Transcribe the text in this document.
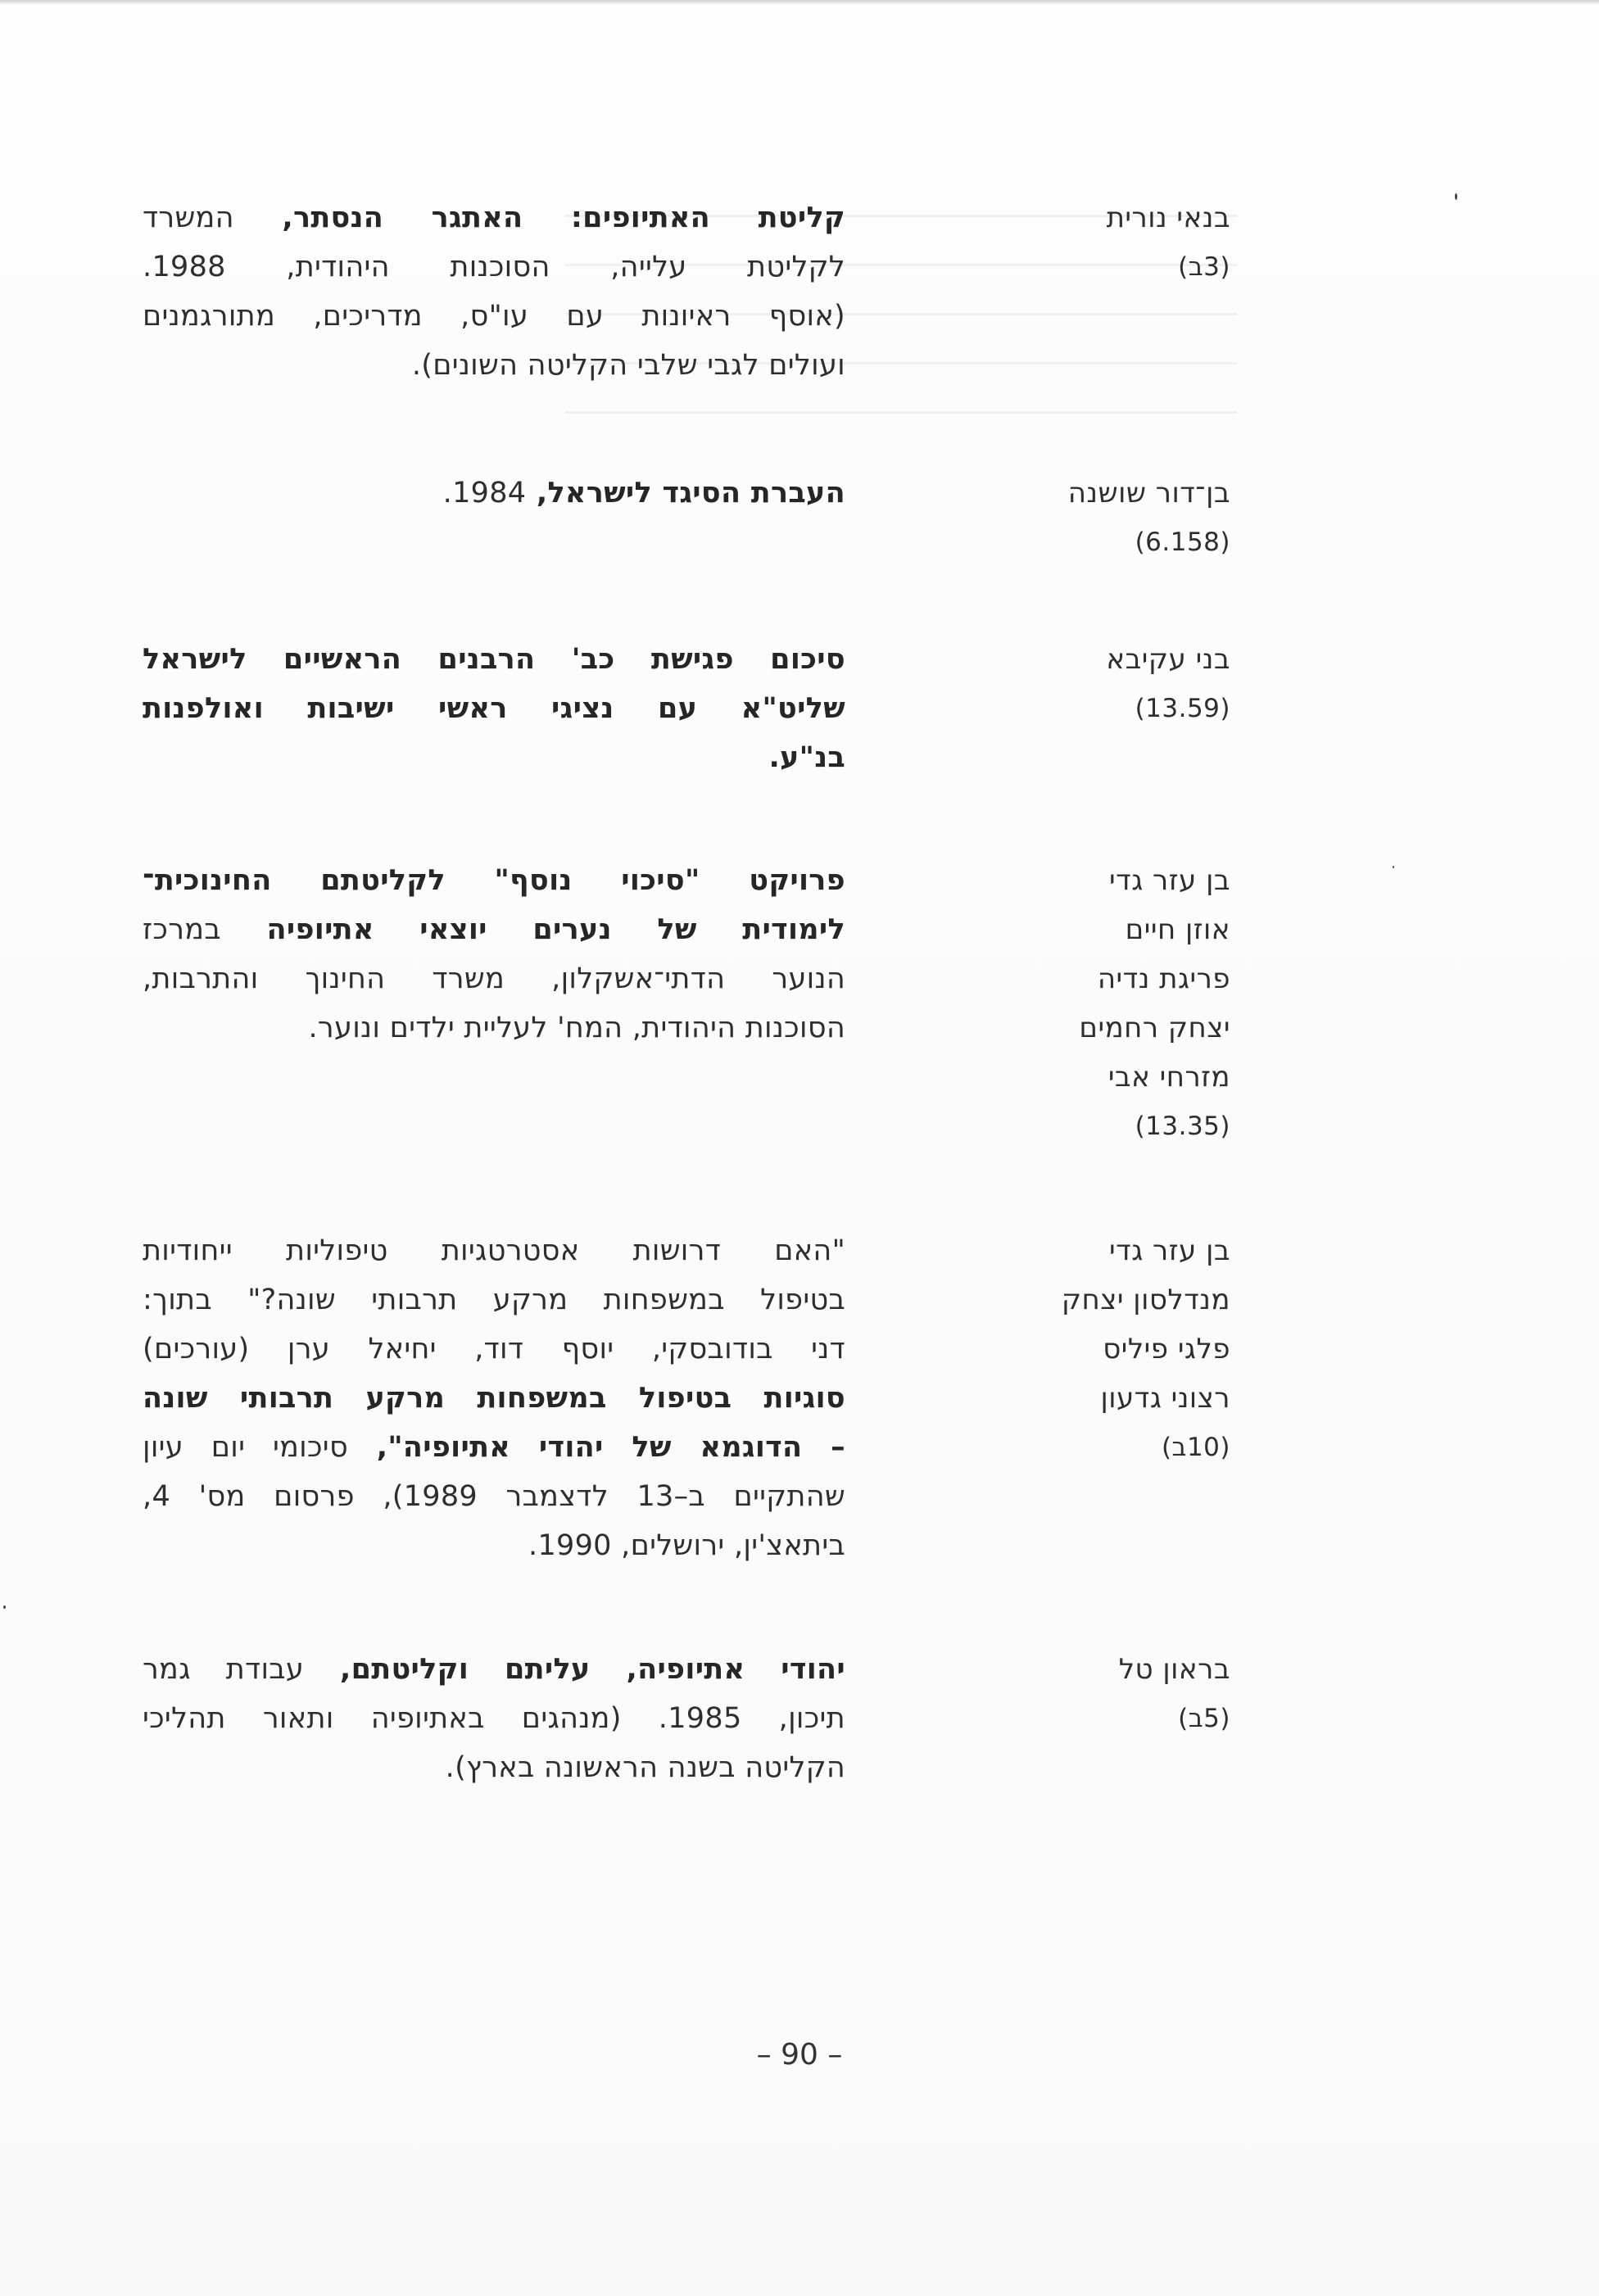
בנאי נורית
(ב3)
קליטת האתיופים: האתגר הנסתר, המשרד
לקליטת עלייה, הסוכנות היהודית, 1988.
(אוסף ראיונות עם עו"ס, מדריכים, מתורגמנים
ועולים לגבי שלבי הקליטה השונים).
בן־דור שושנה
(6.158)
העברת הסיגד לישראל, 1984.
בני עקיבא
(13.59)
סיכום פגישת כב' הרבנים הראשיים לישראל
שליט"א עם נציגי ראשי ישיבות ואולפנות
בנ"ע.
בן עזר גדי
אוזן חיים
פריגת נדיה
יצחק רחמים
מזרחי אבי
(13.35)
פרויקט "סיכוי נוסף" לקליטתם החינוכית־
לימודית של נערים יוצאי אתיופיה במרכז
הנוער הדתי־אשקלון, משרד החינוך והתרבות,
הסוכנות היהודית, המח' לעליית ילדים ונוער.
בן עזר גדי
מנדלסון יצחק
פלגי פיליס
רצוני גדעון
(ב10)
"האם דרושות אסטרטגיות טיפוליות ייחודיות
בטיפול במשפחות מרקע תרבותי שונה?" בתוך:
דני בודובסקי, יוסף דוד, יחיאל ערן (עורכים)
סוגיות בטיפול במשפחות מרקע תרבותי שונה
– הדוגמא של יהודי אתיופיה", סיכומי יום עיון
שהתקיים ב–13 לדצמבר 1989), פרסום מס' 4,
ביתאצ'ין, ירושלים, 1990.
בראון טל
(ב5)
יהודי אתיופיה, עליתם וקליטתם, עבודת גמר
תיכון, 1985. (מנהגים באתיופיה ותאור תהליכי
הקליטה בשנה הראשונה בארץ).
– 90 –
